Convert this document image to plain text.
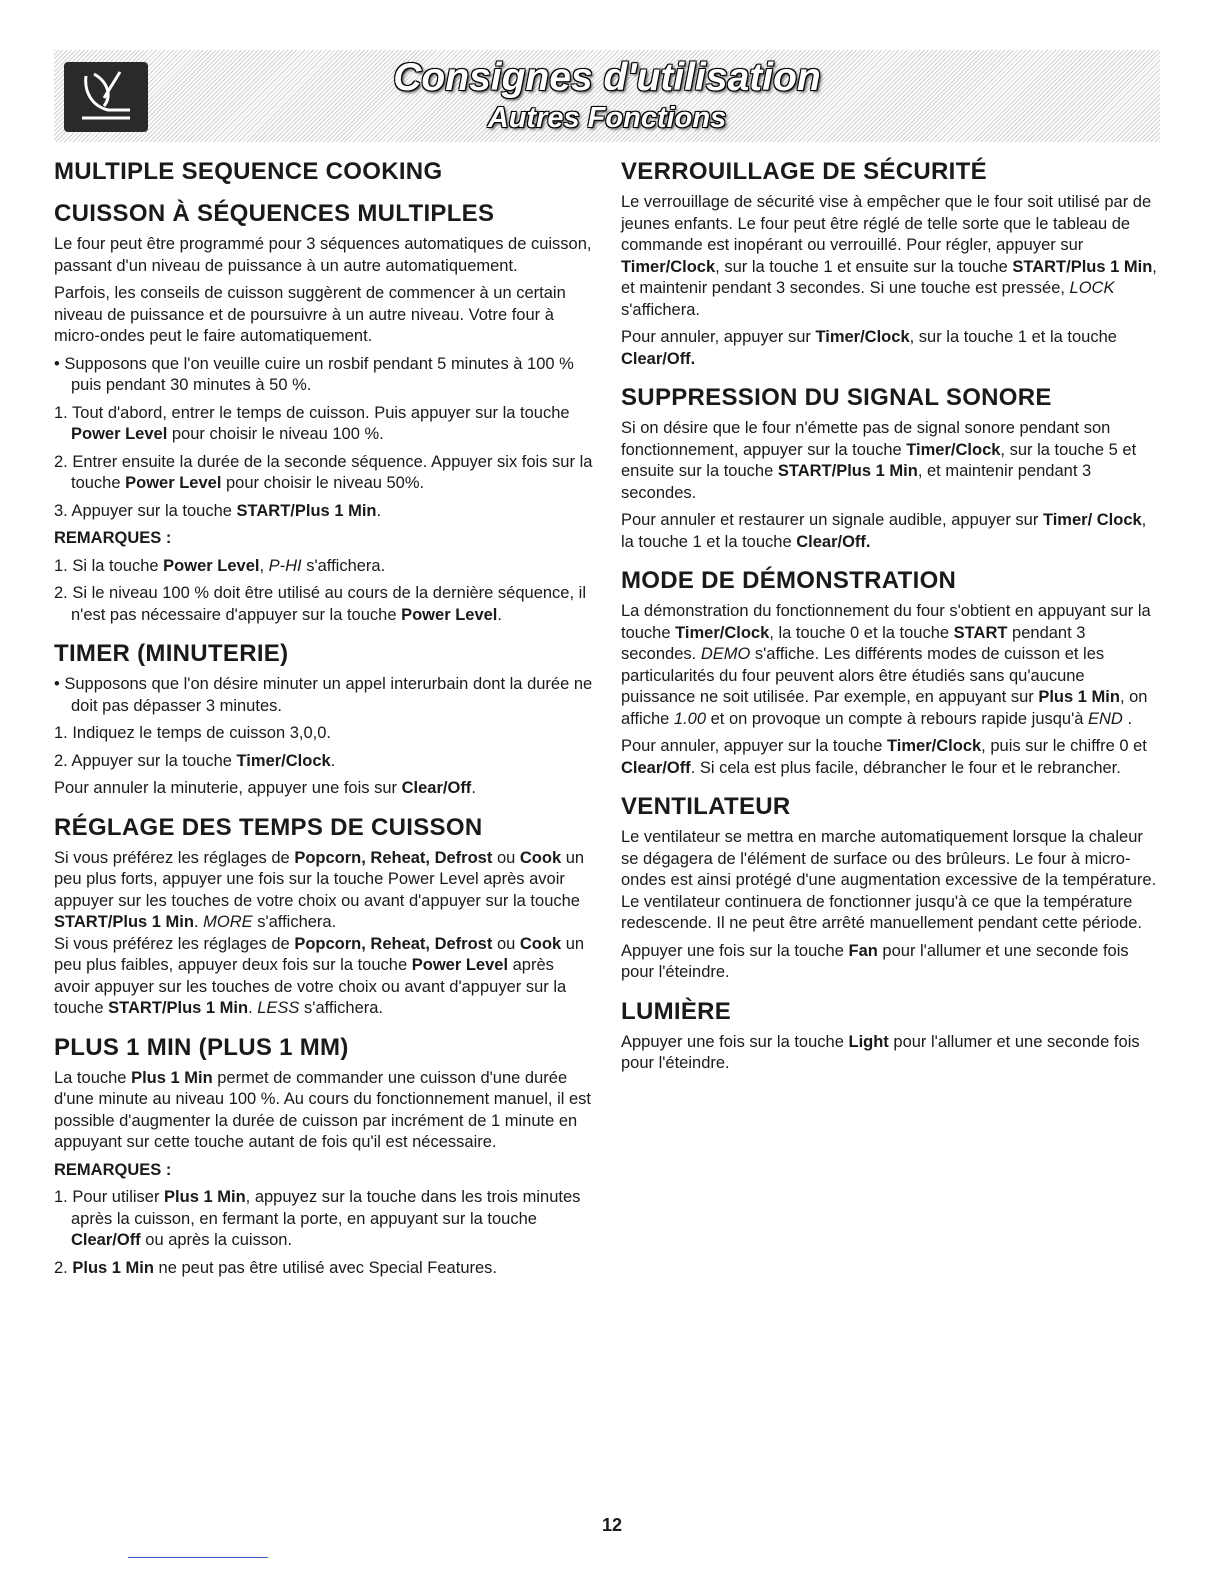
Consignes d'utilisation
Autres Fonctions
MULTIPLE SEQUENCE COOKING
CUISSON À SÉQUENCES MULTIPLES

Le four peut être programmé pour 3 séquences automatiques de cuisson, passant d'un niveau de puissance à un autre automatiquement.

Parfois, les conseils de cuisson suggèrent de commencer à un certain niveau de puissance et de poursuivre à un autre niveau. Votre four à micro-ondes peut le faire automatiquement.

• Supposons que l'on veuille cuire un rosbif pendant 5 minutes à 100 % puis pendant 30 minutes à 50 %.

1. Tout d'abord, entrer le temps de cuisson. Puis appuyer sur la touche Power Level pour choisir le niveau 100 %.

2. Entrer ensuite la durée de la seconde séquence. Appuyer six fois sur la touche Power Level pour choisir le niveau 50%.

3. Appuyer sur la touche START/Plus 1 Min.

REMARQUES :

1. Si la touche Power Level, P-HI s'affichera.

2. Si le niveau 100 % doit être utilisé au cours de la dernière séquence, il n'est pas nécessaire d'appuyer sur la touche Power Level.

TIMER (MINUTERIE)

• Supposons que l'on désire minuter un appel interurbain dont la durée ne doit pas dépasser 3 minutes.

1. Indiquez le temps de cuisson 3,0,0.

2. Appuyer sur la touche Timer/Clock.

Pour annuler la minuterie, appuyer une fois sur Clear/Off.

RÉGLAGE DES TEMPS DE CUISSON

Si vous préférez les réglages de Popcorn, Reheat, Defrost ou Cook un peu plus forts, appuyer une fois sur la touche Power Level après avoir appuyer sur les touches de votre choix ou avant d'appuyer sur la touche START/Plus 1 Min. MORE s'affichera.

Si vous préférez les réglages de Popcorn, Reheat, Defrost ou Cook un peu plus faibles, appuyer deux fois sur la touche Power Level après avoir appuyer sur les touches de votre choix ou avant d'appuyer sur la touche START/Plus 1 Min. LESS s'affichera.

PLUS 1 MIN (PLUS 1 MM)

La touche Plus 1 Min permet de commander une cuisson d'une durée d'une minute au niveau 100 %. Au cours du fonctionnement manuel, il est possible d'augmenter la durée de cuisson par incrément de 1 minute en appuyant sur cette touche autant de fois qu'il est nécessaire.

REMARQUES :

1. Pour utiliser Plus 1 Min, appuyez sur la touche dans les trois minutes après la cuisson, en fermant la porte, en appuyant sur la touche Clear/Off ou après la cuisson.

2. Plus 1 Min ne peut pas être utilisé avec Special Features.

VERROUILLAGE DE SÉCURITÉ

Le verrouillage de sécurité vise à empêcher que le four soit utilisé par de jeunes enfants. Le four peut être réglé de telle sorte que le tableau de commande est inopérant ou verrouillé. Pour régler, appuyer sur Timer/Clock, sur la touche 1 et ensuite sur la touche START/Plus 1 Min, et maintenir pendant 3 secondes. Si une touche est pressée, LOCK s'affichera.

Pour annuler, appuyer sur Timer/Clock, sur la touche 1 et la touche Clear/Off.

SUPPRESSION DU SIGNAL SONORE

Si on désire que le four n'émette pas de signal sonore pendant son fonctionnement, appuyer sur la touche Timer/Clock, sur la touche 5 et ensuite sur la touche START/Plus 1 Min, et maintenir pendant 3 secondes.

Pour annuler et restaurer un signale audible, appuyer sur Timer/ Clock, la touche 1 et la touche Clear/Off.

MODE DE DÉMONSTRATION

La démonstration du fonctionnement du four s'obtient en appuyant sur la touche Timer/Clock, la touche 0 et la touche START pendant 3 secondes. DEMO s'affiche. Les différents modes de cuisson et les particularités du four peuvent alors être étudiés sans qu'aucune puissance ne soit utilisée. Par exemple, en appuyant sur Plus 1 Min, on affiche 1.00 et on provoque un compte à rebours rapide jusqu'à END .

Pour annuler, appuyer sur la touche Timer/Clock, puis sur le chiffre 0 et Clear/Off. Si cela est plus facile, débrancher le four et le rebrancher.

VENTILATEUR

Le ventilateur se mettra en marche automatiquement lorsque la chaleur se dégagera de l'élément de surface ou des brûleurs. Le four à micro-ondes est ainsi protégé d'une augmentation excessive de la température. Le ventilateur continuera de fonctionner jusqu'à ce que la température redescende. Il ne peut être arrêté manuellement pendant cette période.

Appuyer une fois sur la touche Fan pour l'allumer et une seconde fois pour l'éteindre.

LUMIÈRE

Appuyer une fois sur la touche Light pour l'allumer et une seconde fois pour l'éteindre.

12
